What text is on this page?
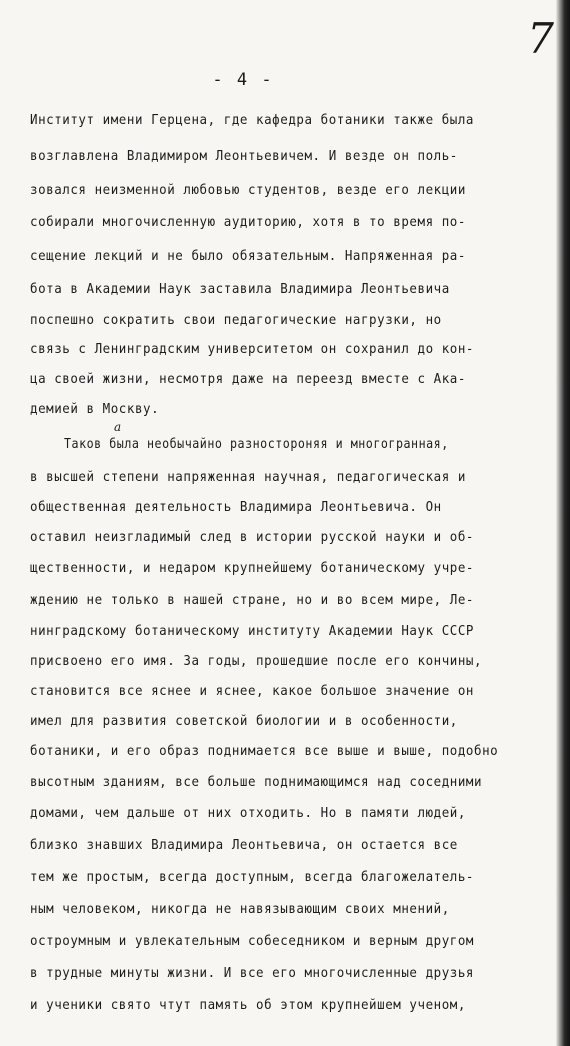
7
- 4 -
Институт имени Герцена, где кафедра ботаники также была
возглавлена Владимиром Леонтьевичем. И везде он поль-
зовался неизменной любовью студентов, везде его лекции
собирали многочисленную аудиторию, хотя в то время по-
сещение лекций и не было обязательным. Напряженная ра-
бота в Академии Наук заставила Владимира Леонтьевича
поспешно сократить свои педагогические нагрузки, но
связь с Ленинградским университетом он сохранил до кон-
ца своей жизни, несмотря даже на переезд вместе с Ака-
демией в Москву.
а
Таков была необычайно разностороняя и многогранная,
в высшей степени напряженная научная, педагогическая и
общественная деятельность Владимира Леонтьевича. Он
оставил неизгладимый след в истории русской науки и об-
щественности, и недаром крупнейшему ботаническому учре-
ждению не только в нашей стране, но и во всем мире, Ле-
нинградскому ботаническому институту Академии Наук СССР
присвоено его имя. За годы, прошедшие после его кончины,
становится все яснее и яснее, какое большое значение он
имел для развития советской биологии и в особенности,
ботаники, и его образ поднимается все выше и выше, подобно
высотным зданиям, все больше поднимающимся над соседними
домами, чем дальше от них отходить. Но в памяти людей,
близко знавших Владимира Леонтьевича, он остается все
тем же простым, всегда доступным, всегда благожелатель-
ным человеком, никогда не навязывающим своих мнений,
остроумным и увлекательным собеседником и верным другом
в трудные минуты жизни. И все его многочисленные друзья
и ученики свято чтут память об этом крупнейшем ученом,
